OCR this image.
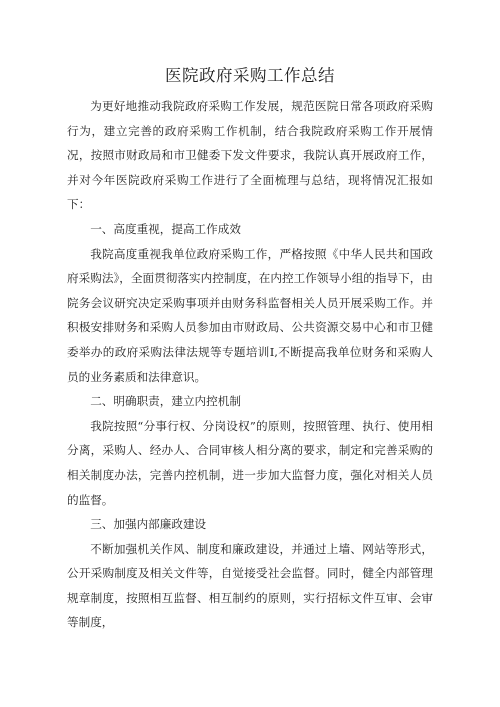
医院政府采购工作总结

为更好地推动我院政府采购工作发展，规范医院日常各项政府采购行为，建立完善的政府采购工作机制，结合我院政府采购工作开展情况，按照市财政局和市卫健委下发文件要求，我院认真开展政府工作，并对今年医院政府采购工作进行了全面梳理与总结，现将情况汇报如下：

一、高度重视，提高工作成效

我院高度重视我单位政府采购工作，严格按照《中华人民共和国政府采购法》，全面贯彻落实内控制度，在内控工作领导小组的指导下，由院务会议研究决定采购事项并由财务科监督相关人员开展采购工作。并积极安排财务和采购人员参加由市财政局、公共资源交易中心和市卫健委举办的政府采购法律法规等专题培训I,不断提高我单位财务和采购人员的业务素质和法律意识。

二、明确职责，建立内控机制

我院按照“分事行权、分岗设权”的原则，按照管理、执行、使用相分离，采购人、经办人、合同审核人相分离的要求，制定和完善采购的相关制度办法，完善内控机制，进一步加大监督力度，强化对相关人员的监督。

三、加强内部廉政建设

不断加强机关作风、制度和廉政建设，并通过上墙、网站等形式，公开采购制度及相关文件等，自觉接受社会监督。同时，健全内部管理规章制度，按照相互监督、相互制约的原则，实行招标文件互审、会审等制度，
